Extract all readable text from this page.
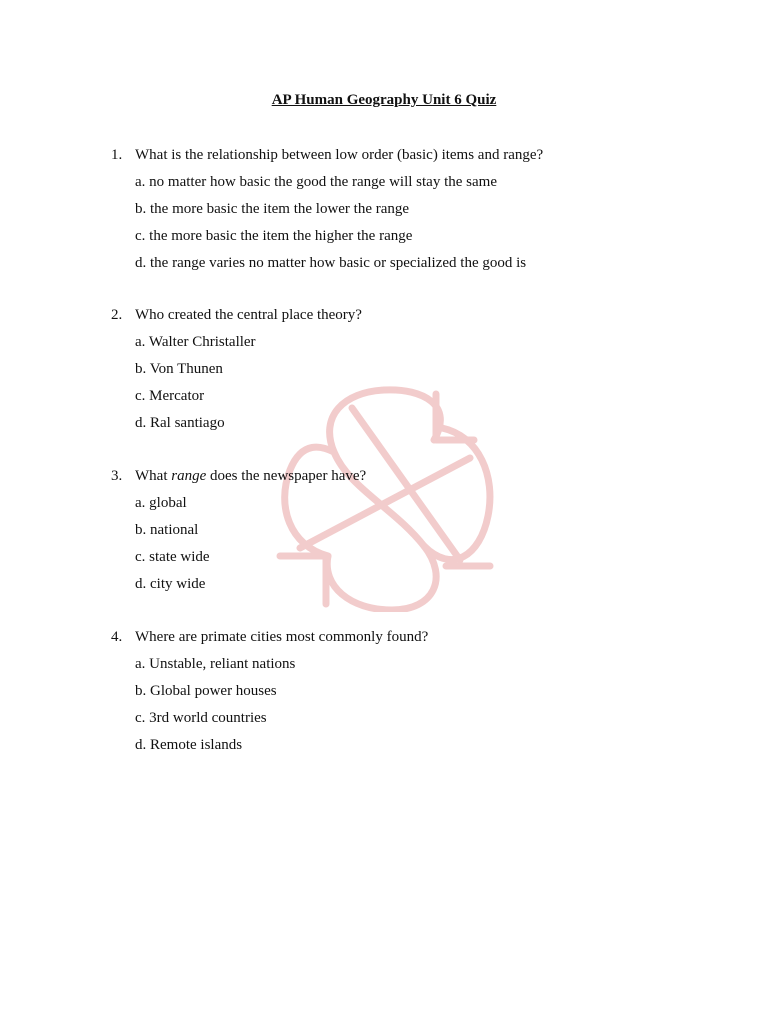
AP Human Geography Unit 6 Quiz
1. What is the relationship between low order (basic) items and range?
a. no matter how basic the good the range will stay the same
b. the more basic the item the lower the range
c. the more basic the item the higher the range
d. the range varies no matter how basic or specialized the good is
2. Who created the central place theory?
a. Walter Christaller
b. Von Thunen
c. Mercator
d. Ral santiago
3. What range does the newspaper have?
a. global
b. national
c. state wide
d. city wide
4. Where are primate cities most commonly found?
a. Unstable, reliant nations
b. Global power houses
c. 3rd world countries
d. Remote islands
